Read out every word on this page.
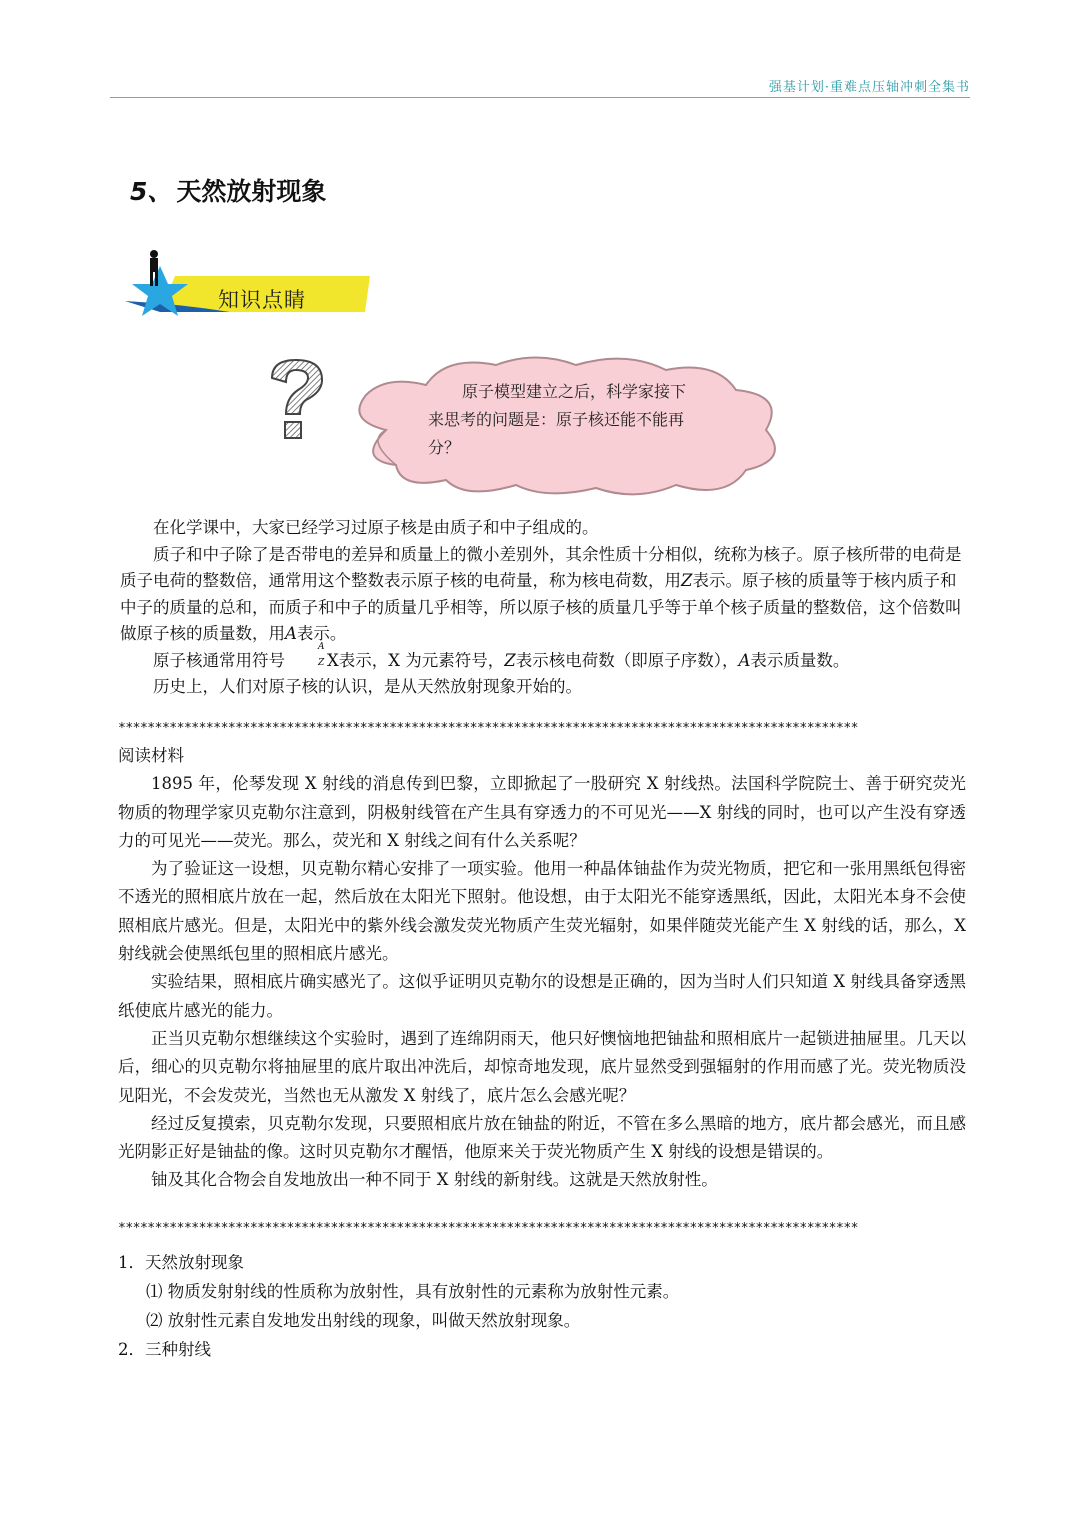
强基计划·重难点压轴冲刺全集书
5、 天然放射现象
知识点睛
原子模型建立之后，科学家接下
来思考的问题是：原子核还能不能再
分？

在化学课中，大家已经学习过原子核是由质子和中子组成的。

质子和中子除了是否带电的差异和质量上的微小差别外，其余性质十分相似，统称为核子。原子核所带的电荷是质子电荷的整数倍，通常用这个整数表示原子核的电荷量，称为核电荷数，用Z表示。原子核的质量等于核内质子和中子的质量的总和，而质子和中子的质量几乎相等，所以原子核的质量几乎等于单个核子质量的整数倍，这个倍数叫做原子核的质量数，用A表示。

原子核通常用符号
A
Z X表示，X 为元素符号，Z表示核电荷数（即原子序数），A表示质量数。

历史上，人们对原子核的认识，是从天然放射现象开始的。

*****************************************************************************************************

阅读材料

1895 年，伦琴发现 X 射线的消息传到巴黎，立即掀起了一股研究 X 射线热。法国科学院院士、善于研究荧光物质的物理学家贝克勒尔注意到，阴极射线管在产生具有穿透力的不可见光——X 射线的同时，也可以产生没有穿透力的可见光——荧光。那么，荧光和 X 射线之间有什么关系呢？

为了验证这一设想，贝克勒尔精心安排了一项实验。他用一种晶体铀盐作为荧光物质，把它和一张用黑纸包得密不透光的照相底片放在一起，然后放在太阳光下照射。他设想，由于太阳光不能穿透黑纸，因此，太阳光本身不会使照相底片感光。但是，太阳光中的紫外线会激发荧光物质产生荧光辐射，如果伴随荧光能产生 X 射线的话，那么，X 射线就会使黑纸包里的照相底片感光。

实验结果，照相底片确实感光了。这似乎证明贝克勒尔的设想是正确的，因为当时人们只知道 X 射线具备穿透黑纸使底片感光的能力。

正当贝克勒尔想继续这个实验时，遇到了连绵阴雨天，他只好懊恼地把铀盐和照相底片一起锁进抽屉里。几天以后，细心的贝克勒尔将抽屉里的底片取出冲洗后，却惊奇地发现，底片显然受到强辐射的作用而感了光。荧光物质没见阳光，不会发荧光，当然也无从激发 X 射线了，底片怎么会感光呢？

经过反复摸索，贝克勒尔发现，只要照相底片放在铀盐的附近，不管在多么黑暗的地方，底片都会感光，而且感光阴影正好是铀盐的像。这时贝克勒尔才醒悟，他原来关于荧光物质产生 X 射线的设想是错误的。

铀及其化合物会自发地放出一种不同于 X 射线的新射线。这就是天然放射性。

*****************************************************************************************************

1．天然放射现象

⑴ 物质发射射线的性质称为放射性，具有放射性的元素称为放射性元素。

⑵ 放射性元素自发地发出射线的现象，叫做天然放射现象。

2．三种射线
